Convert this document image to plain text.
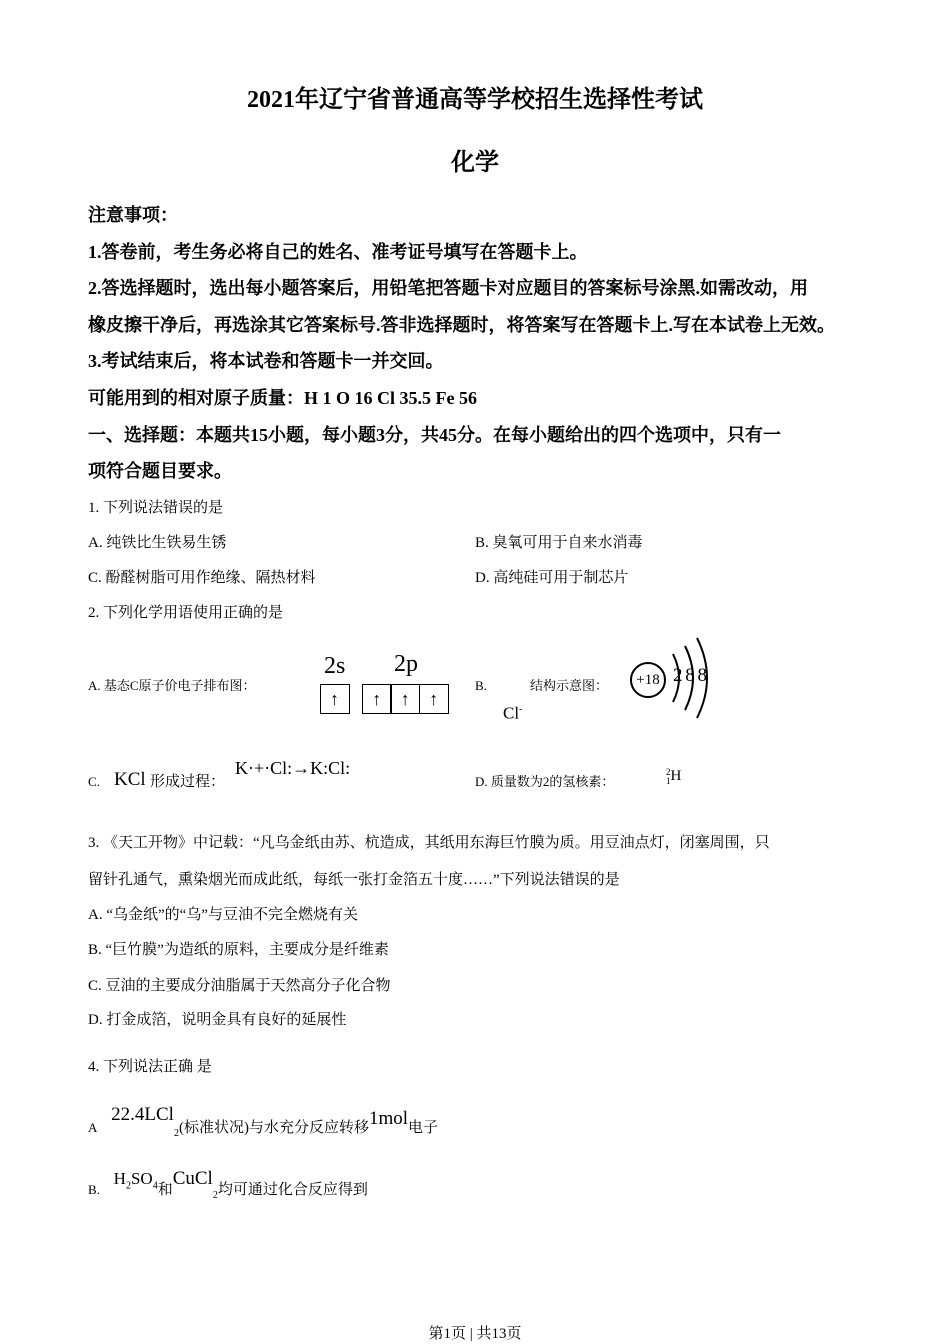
2021年辽宁省普通高等学校招生选择性考试
化学
注意事项：
1.答卷前，考生务必将自己的姓名、准考证号填写在答题卡上。
2.答选择题时，选出每小题答案后，用铅笔把答题卡对应题目的答案标号涂黑.如需改动，用
橡皮擦干净后，再选涂其它答案标号.答非选择题时，将答案写在答题卡上.写在本试卷上无效。
3.考试结束后，将本试卷和答题卡一并交回。
可能用到的相对原子质量：H 1 O 16 Cl 35.5 Fe 56
一、选择题：本题共15小题，每小题3分，共45分。在每小题给出的四个选项中，只有一
项符合题目要求。
1. 下列说法错误的是
A. 纯铁比生铁易生锈	B. 臭氧可用于自来水消毒
C. 酚醛树脂可用作绝缘、隔热材料	D. 高纯硅可用于制芯片
2. 下列化学用语使用正确的是
A. 基态C原子价电子排布图：
2s 2p
↑ ↑ ↑ ↑
B.	结构示意图：
Cl-
+18 2 8 8
C. KCl 形成过程：
K·+·Cl:→K:Cl:
D. 质量数为2的氢核素：
2
1H
3. 《天工开物》中记载：“凡乌金纸由苏、杭造成，其纸用东海巨竹膜为质。用豆油点灯，闭塞周围，只
留针孔通气，熏染烟光而成此纸，每纸一张打金箔五十度……”下列说法错误的是
A. “乌金纸”的“乌”与豆油不完全燃烧有关
B. “巨竹膜”为造纸的原料，主要成分是纤维素
C. 豆油的主要成分油脂属于天然高分子化合物
D. 打金成箔，说明金具有良好的延展性
4. 下列说法正确 是
A 22.4LCl$_2$(标准状况)与水充分反应转移1mol电子
B. $H_2SO_4$和CuCl$_2$均可通过化合反应得到
第1页 | 共13页
